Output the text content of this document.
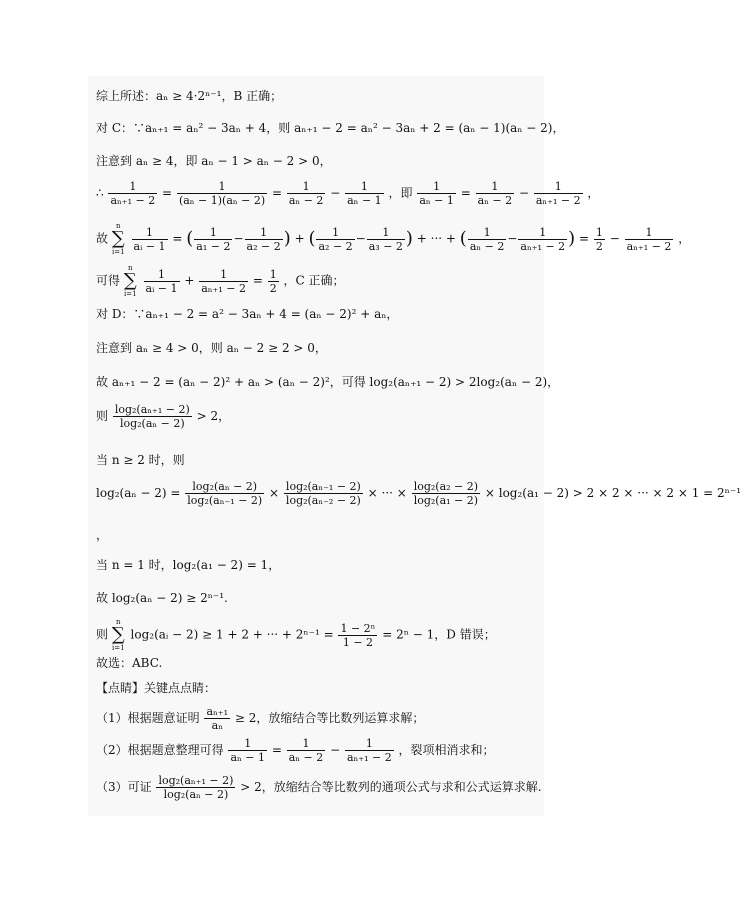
综上所述：aₙ ≥ 4·2ⁿ⁻¹，B 正确；
对 C：∵aₙ₊₁ = aₙ² − 3aₙ + 4，则 aₙ₊₁ − 2 = aₙ² − 3aₙ + 2 = (aₙ − 1)(aₙ − 2)，
注意到 aₙ ≥ 4，即 aₙ − 1 > aₙ − 2 > 0，
∴ $\frac{1}{\text{aₙ₊₁ − 2}} = \frac{1}{\text{(aₙ − 1)(aₙ − 2)}} = \frac{1}{\text{aₙ − 2}} - \frac{1}{\text{aₙ − 1}}$ ，即 $\frac{1}{\text{aₙ − 1}} = \frac{1}{\text{aₙ − 2}} - \frac{1}{\text{aₙ₊₁ − 2}}$ ，
故
n
∑
i=1
$\frac{1}{\text{aᵢ − 1}}$ = ( $\frac{1}{\text{a₁ − 2}} - \frac{1}{\text{a₂ − 2}}$ ) + ( $\frac{1}{\text{a₂ − 2}} - \frac{1}{\text{a₃ − 2}}$ ) + ··· + ( $\frac{1}{\text{aₙ − 2}} - \frac{1}{\text{aₙ₊₁ − 2}}$ ) = $\frac{1}{2} - \frac{1}{\text{aₙ₊₁ − 2}}$ ，
可得
n
∑
i=1
$\frac{1}{\text{aᵢ − 1}} + \frac{1}{\text{aₙ₊₁ − 2}} = \frac{1}{2}$ ，C 正确；
对 D：∵aₙ₊₁ − 2 = a² − 3aₙ + 4 = (aₙ − 2)² + aₙ，
注意到 aₙ ≥ 4 > 0，则 aₙ − 2 ≥ 2 > 0，
故 aₙ₊₁ − 2 = (aₙ − 2)² + aₙ > (aₙ − 2)²，可得 log₂(aₙ₊₁ − 2) > 2log₂(aₙ − 2)，
则 $\frac{\text{log₂(aₙ₊₁ − 2)}}{\text{log₂(aₙ − 2)}} > 2$，
当 n ≥ 2 时，则
$\log_2(a_n - 2) = \frac{\text{log₂(aₙ − 2)}}{\text{log₂(aₙ₋₁ − 2)}} \times \frac{\text{log₂(aₙ₋₁ − 2)}}{\text{log₂(aₙ₋₂ − 2)}}$ × ··· × $\frac{\text{log₂(a₂ − 2)}}{\text{log₂(a₁ − 2)}} \times \log_2(a_1 - 2) > 2 \times 2$ × ··· × 2 × 1 = 2ⁿ⁻¹
，
当 n = 1 时，log₂(a₁ − 2) = 1，
故 log₂(aₙ − 2) ≥ 2ⁿ⁻¹.
则
n
∑
i=1
log₂(aᵢ − 2) ≥ 1 + 2 + ··· + $2^{n-1} = \frac{\text{1 − 2ⁿ}}{1 - 2} = 2^n - 1$，D 错误；
故选：ABC.
【点睛】关键点点睛：
（1）根据题意证明 $\frac{\text{aₙ₊₁}}{\text{aₙ}} \ge 2$，放缩结合等比数列运算求解；
（2）根据题意整理可得 $\frac{1}{\text{aₙ − 1}} = \frac{1}{\text{aₙ − 2}} - \frac{1}{\text{aₙ₊₁ − 2}}$ ，裂项相消求和；
（3）可证 $\frac{\text{log₂(aₙ₊₁ − 2)}}{\text{log₂(aₙ − 2)}} > 2$，放缩结合等比数列的通项公式与求和公式运算求解.
